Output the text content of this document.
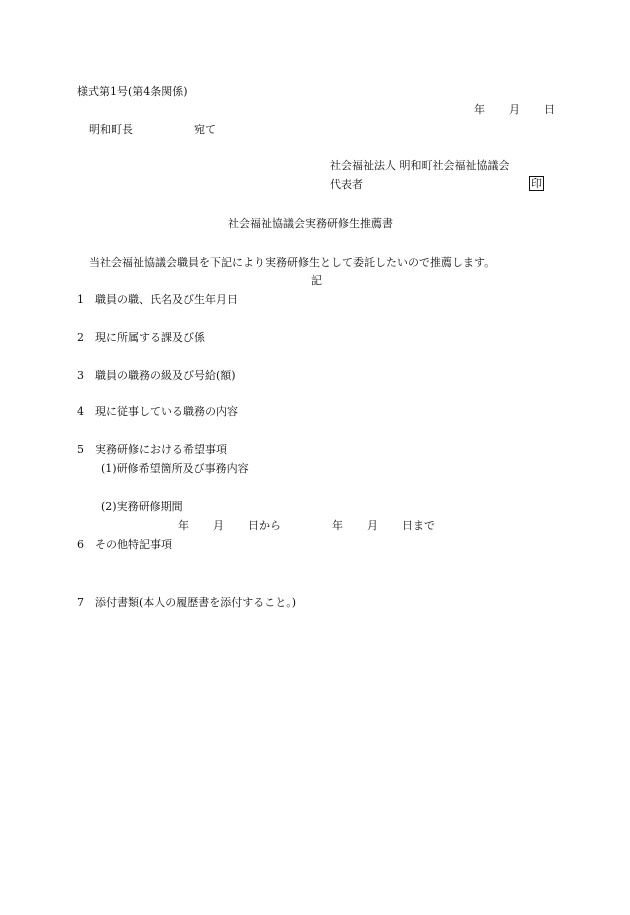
様式第1号(第4条関係)
年 月 日
明和町長	宛て
社会福祉法人 明和町社会福祉協議会
代表者	印
社会福祉協議会実務研修生推薦書
当社会福祉協議会職員を下記により実務研修生として委託したいので推薦します。
記
1 職員の職、氏名及び生年月日
2 現に所属する課及び係
3 職員の職務の級及び号給(額)
4 現に従事している職務の内容
5 実務研修における希望事項
(1)研修希望箇所及び事務内容
(2)実務研修期間
年 月 日から	年 月 日まで
6 その他特記事項
7 添付書類(本人の履歴書を添付すること。)
